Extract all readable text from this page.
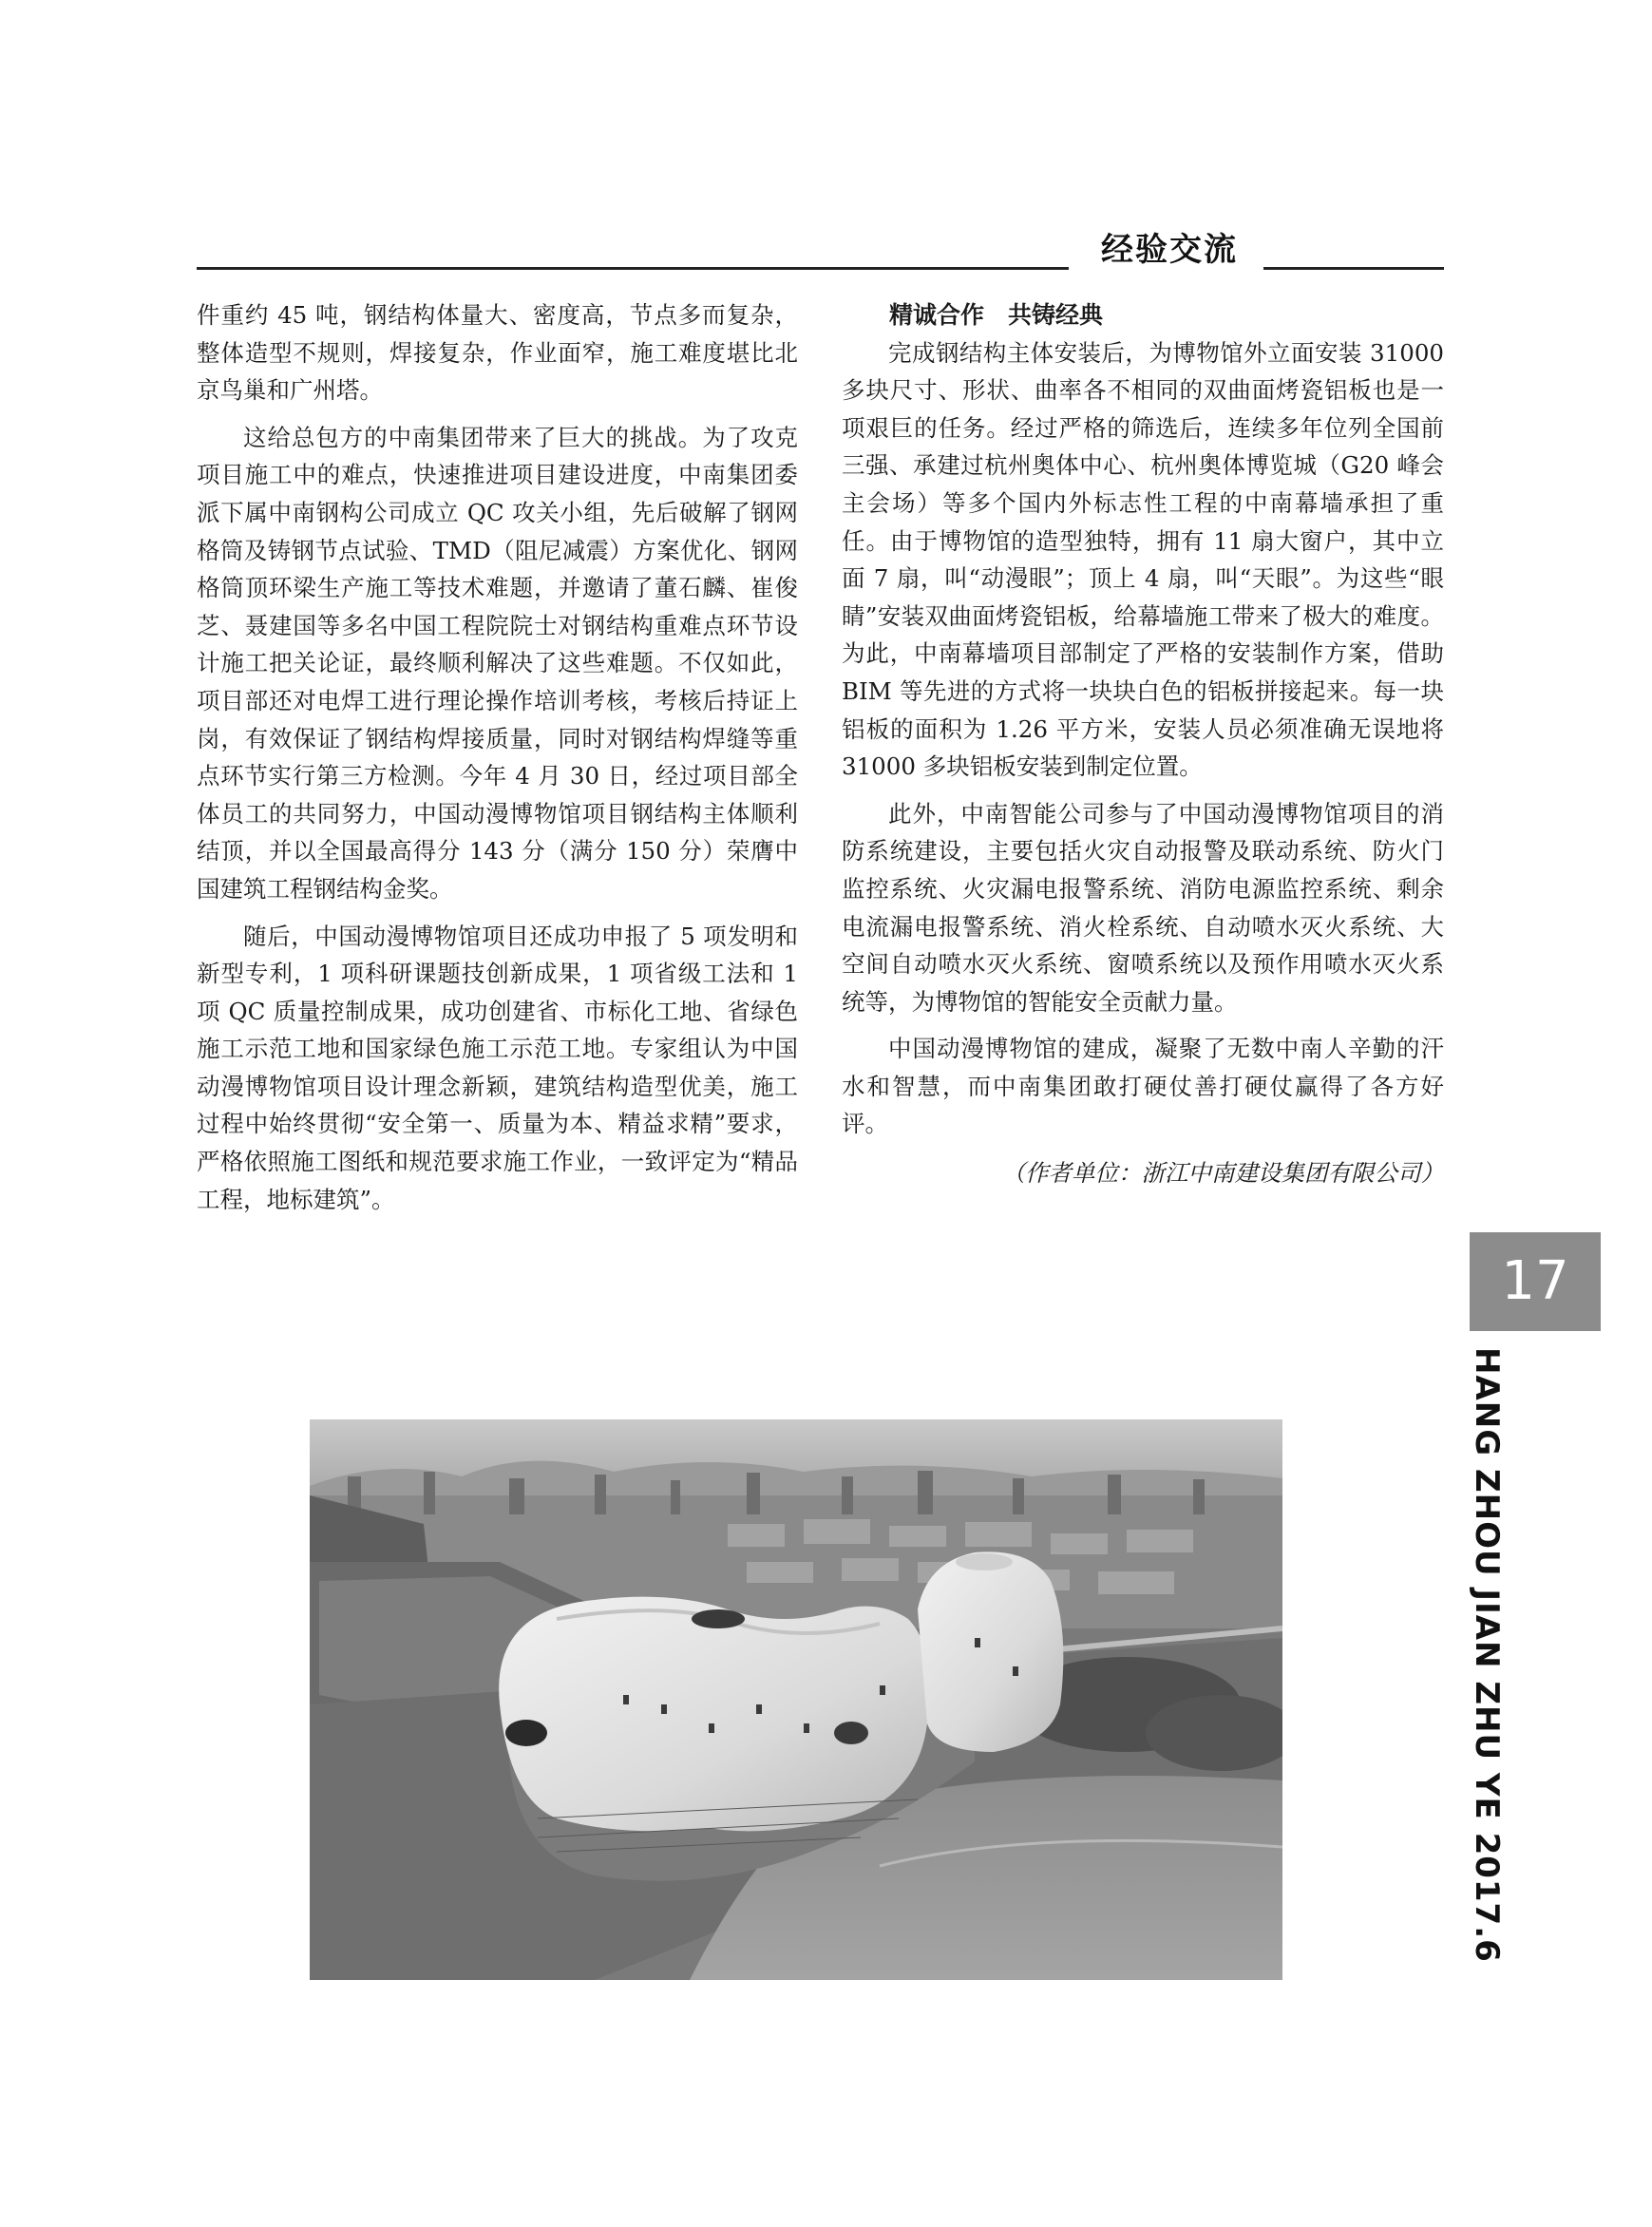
经验交流

件重约 45 吨，钢结构体量大、密度高，节点多而复杂，整体造型不规则，焊接复杂，作业面窄，施工难度堪比北京鸟巢和广州塔。

这给总包方的中南集团带来了巨大的挑战。为了攻克项目施工中的难点，快速推进项目建设进度，中南集团委派下属中南钢构公司成立 QC 攻关小组，先后破解了钢网格筒及铸钢节点试验、TMD（阻尼减震）方案优化、钢网格筒顶环梁生产施工等技术难题，并邀请了董石麟、崔俊芝、聂建国等多名中国工程院院士对钢结构重难点环节设计施工把关论证，最终顺利解决了这些难题。不仅如此，项目部还对电焊工进行理论操作培训考核，考核后持证上岗，有效保证了钢结构焊接质量，同时对钢结构焊缝等重点环节实行第三方检测。今年 4 月 30 日，经过项目部全体员工的共同努力，中国动漫博物馆项目钢结构主体顺利结顶，并以全国最高得分 143 分（满分 150 分）荣膺中国建筑工程钢结构金奖。

随后，中国动漫博物馆项目还成功申报了 5 项发明和新型专利，1 项科研课题技创新成果，1 项省级工法和 1 项 QC 质量控制成果，成功创建省、市标化工地、省绿色施工示范工地和国家绿色施工示范工地。专家组认为中国动漫博物馆项目设计理念新颖，建筑结构造型优美，施工过程中始终贯彻“安全第一、质量为本、精益求精”要求，严格依照施工图纸和规范要求施工作业，一致评定为“精品工程，地标建筑”。

精诚合作　共铸经典

完成钢结构主体安装后，为博物馆外立面安装 31000 多块尺寸、形状、曲率各不相同的双曲面烤瓷铝板也是一项艰巨的任务。经过严格的筛选后，连续多年位列全国前三强、承建过杭州奥体中心、杭州奥体博览城（G20 峰会主会场）等多个国内外标志性工程的中南幕墙承担了重任。由于博物馆的造型独特，拥有 11 扇大窗户，其中立面 7 扇，叫“动漫眼”；顶上 4 扇，叫“天眼”。为这些“眼睛”安装双曲面烤瓷铝板，给幕墙施工带来了极大的难度。为此，中南幕墙项目部制定了严格的安装制作方案，借助 BIM 等先进的方式将一块块白色的铝板拼接起来。每一块铝板的面积为 1.26 平方米，安装人员必须准确无误地将 31000 多块铝板安装到制定位置。

此外，中南智能公司参与了中国动漫博物馆项目的消防系统建设，主要包括火灾自动报警及联动系统、防火门监控系统、火灾漏电报警系统、消防电源监控系统、剩余电流漏电报警系统、消火栓系统、自动喷水灭火系统、大空间自动喷水灭火系统、窗喷系统以及预作用喷水灭火系统等，为博物馆的智能安全贡献力量。

中国动漫博物馆的建成，凝聚了无数中南人辛勤的汗水和智慧，而中南集团敢打硬仗善打硬仗赢得了各方好评。

（作者单位：浙江中南建设集团有限公司）

17
HANG ZHOU JIAN ZHU YE 2017.6
